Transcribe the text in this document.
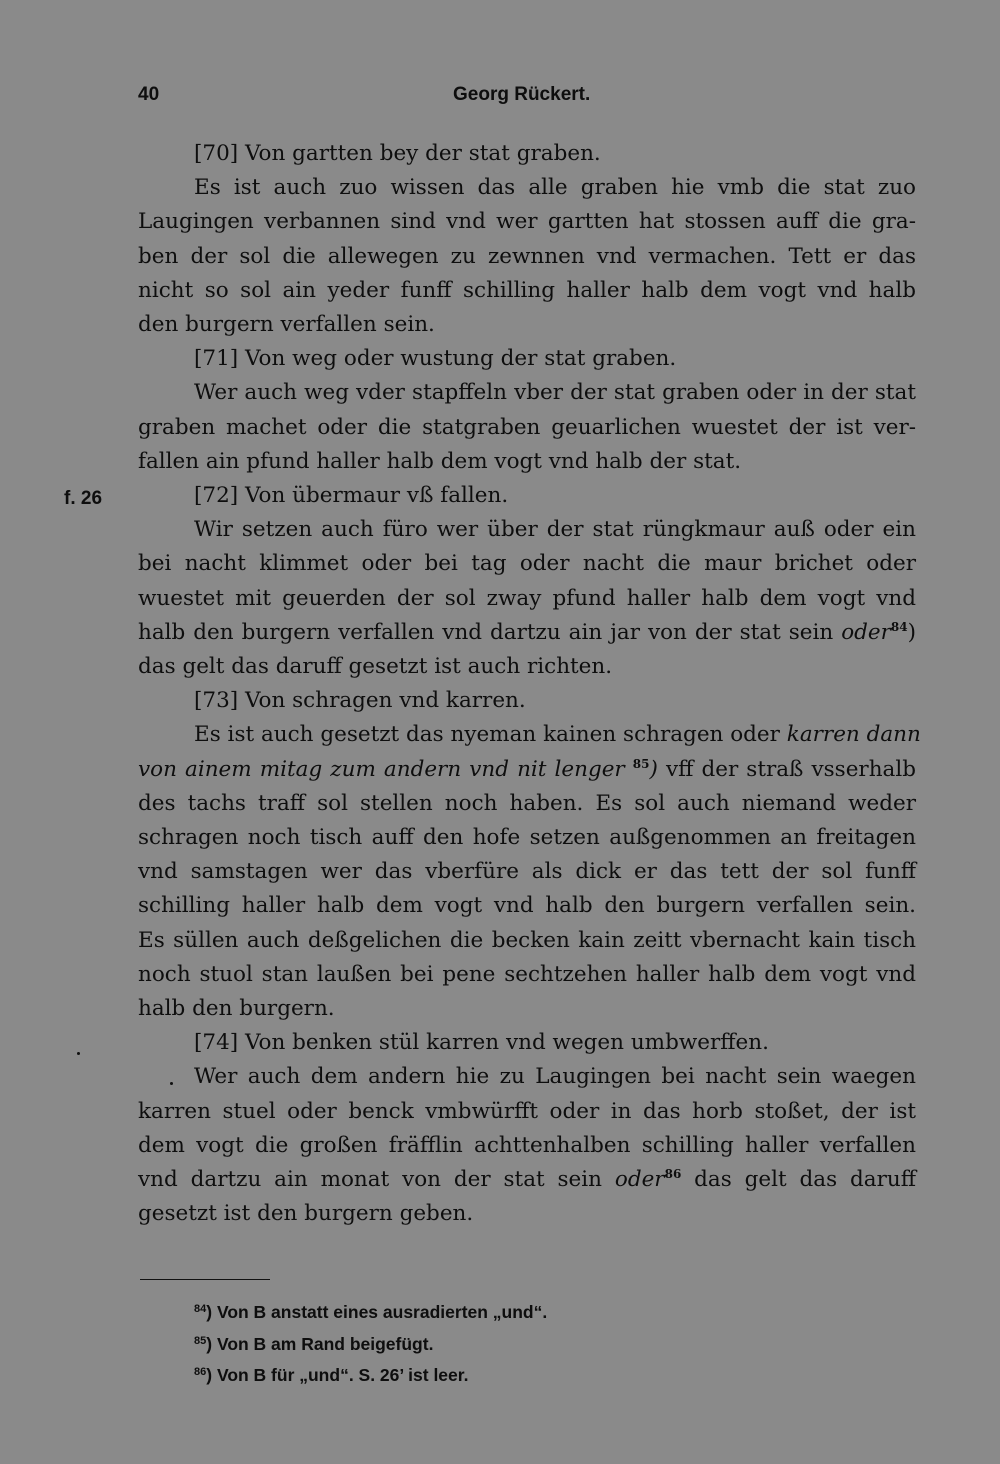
40	Georg Rückert.
f. 26
[70] Von gartten bey der stat graben.
Es ist auch zuo wissen das alle graben hie vmb die stat zuo
Laugingen verbannen sind vnd wer gartten hat stossen auff die gra-
ben der sol die allewegen zu zewnnen vnd vermachen. Tett er das
nicht so sol ain yeder funff schilling haller halb dem vogt vnd halb
den burgern verfallen sein.
[71] Von weg oder wustung der stat graben.
Wer auch weg vder stapffeln vber der stat graben oder in der stat
graben machet oder die statgraben geuarlichen wuestet der ist ver-
fallen ain pfund haller halb dem vogt vnd halb der stat.
[72] Von übermaur vß fallen.
Wir setzen auch füro wer über der stat rüngkmaur auß oder ein
bei nacht klimmet oder bei tag oder nacht die maur brichet oder
wuestet mit geuerden der sol zway pfund haller halb dem vogt vnd
halb den burgern verfallen vnd dartzu ain jar von der stat sein oder$^{84}$)
das gelt das daruff gesetzt ist auch richten.
[73] Von schragen vnd karren.
Es ist auch gesetzt das nyeman kainen schragen oder karren dann
von ainem mitag zum andern vnd nit lenger $^{85}$) vff der straß vsserhalb
des tachs traff sol stellen noch haben. Es sol auch niemand weder
schragen noch tisch auff den hofe setzen außgenommen an freitagen
vnd samstagen wer das vberfüre als dick er das tett der sol funff
schilling haller halb dem vogt vnd halb den burgern verfallen sein.
Es süllen auch deßgelichen die becken kain zeitt vbernacht kain tisch
noch stuol stan laußen bei pene sechtzehen haller halb dem vogt vnd
halb den burgern.
[74] Von benken stül karren vnd wegen umbwerffen.
Wer auch dem andern hie zu Laugingen bei nacht sein waegen
karren stuel oder benck vmbwürfft oder in das horb stoßet, der ist
dem vogt die großen fräfflin achttenhalben schilling haller verfallen
vnd dartzu ain monat von der stat sein oder$^{86}$ das gelt das daruff
gesetzt ist den burgern geben.
$^{84}$) Von B anstatt eines ausradierten „und“.
$^{85}$) Von B am Rand beigefügt.
$^{86}$) Von B für „und“. S. 26’ ist leer.
